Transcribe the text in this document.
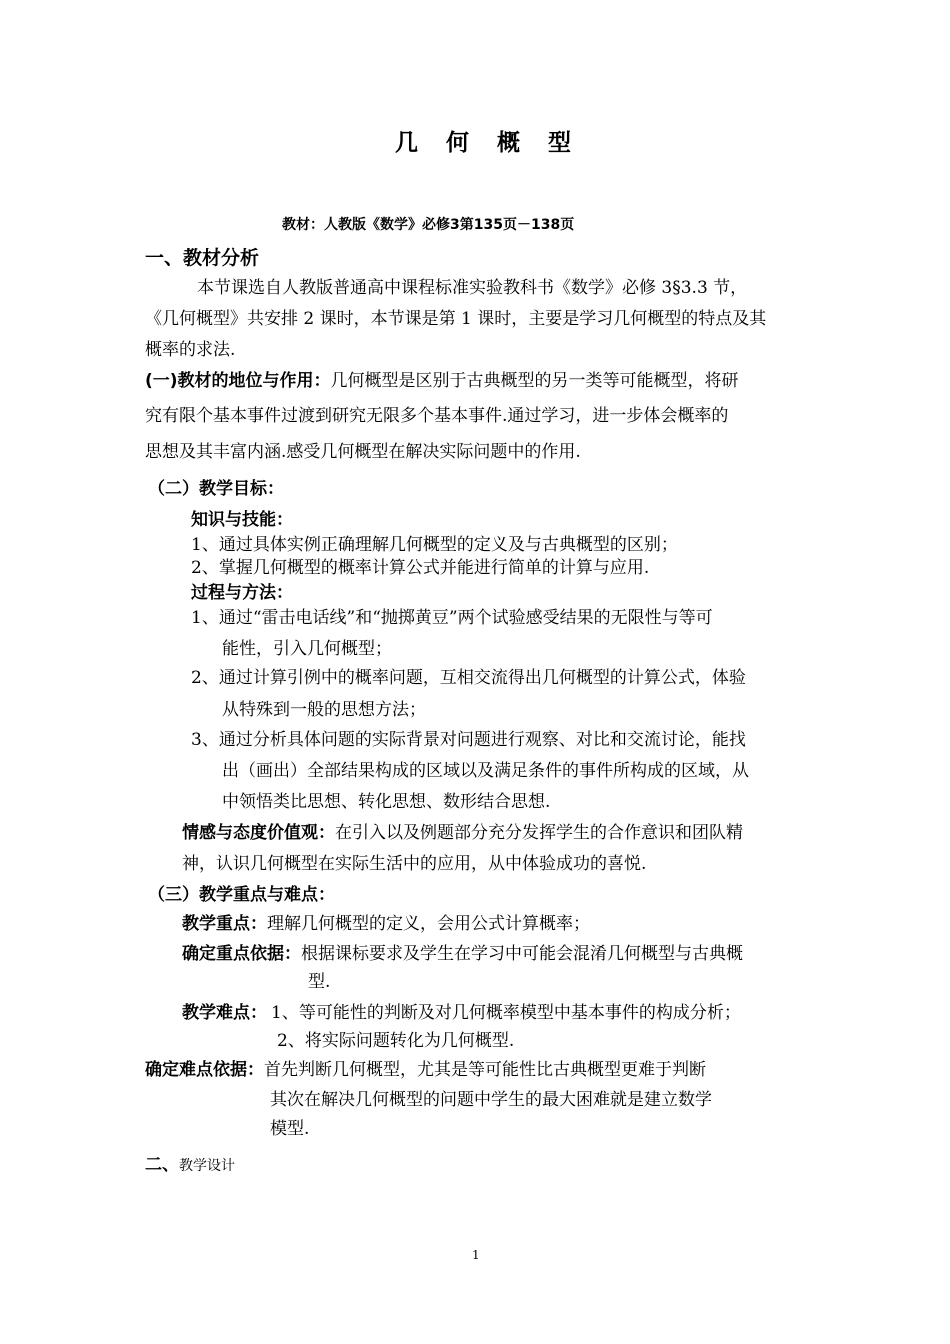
几 何 概 型
教材：人教版《数学》必修3第135页－138页
一、教材分析
本节课选自人教版普通高中课程标准实验教科书《数学》必修 3§3.3 节，
《几何概型》共安排 2 课时，本节课是第 1 课时，主要是学习几何概型的特点及其
概率的求法.
(一)教材的地位与作用：几何概型是区别于古典概型的另一类等可能概型，将研
究有限个基本事件过渡到研究无限多个基本事件.通过学习，进一步体会概率的
思想及其丰富内涵.感受几何概型在解决实际问题中的作用.
（二）教学目标：
知识与技能：
1、通过具体实例正确理解几何概型的定义及与古典概型的区别；
2、掌握几何概型的概率计算公式并能进行简单的计算与应用.
过程与方法：
1、通过“雷击电话线”和“抛掷黄豆”两个试验感受结果的无限性与等可
能性，引入几何概型；
2、通过计算引例中的概率问题，互相交流得出几何概型的计算公式，体验
从特殊到一般的思想方法；
3、通过分析具体问题的实际背景对问题进行观察、对比和交流讨论，能找
出（画出）全部结果构成的区域以及满足条件的事件所构成的区域，从
中领悟类比思想、转化思想、数形结合思想.
情感与态度价值观：在引入以及例题部分充分发挥学生的合作意识和团队精
神，认识几何概型在实际生活中的应用，从中体验成功的喜悦.
（三）教学重点与难点：
教学重点：理解几何概型的定义，会用公式计算概率；
确定重点依据：根据课标要求及学生在学习中可能会混淆几何概型与古典概
型.
教学难点： 1、等可能性的判断及对几何概率模型中基本事件的构成分析；
2、将实际问题转化为几何概型.
确定难点依据：首先判断几何概型，尤其是等可能性比古典概型更难于判断
其次在解决几何概型的问题中学生的最大困难就是建立数学
模型.
二、教学设计
1
